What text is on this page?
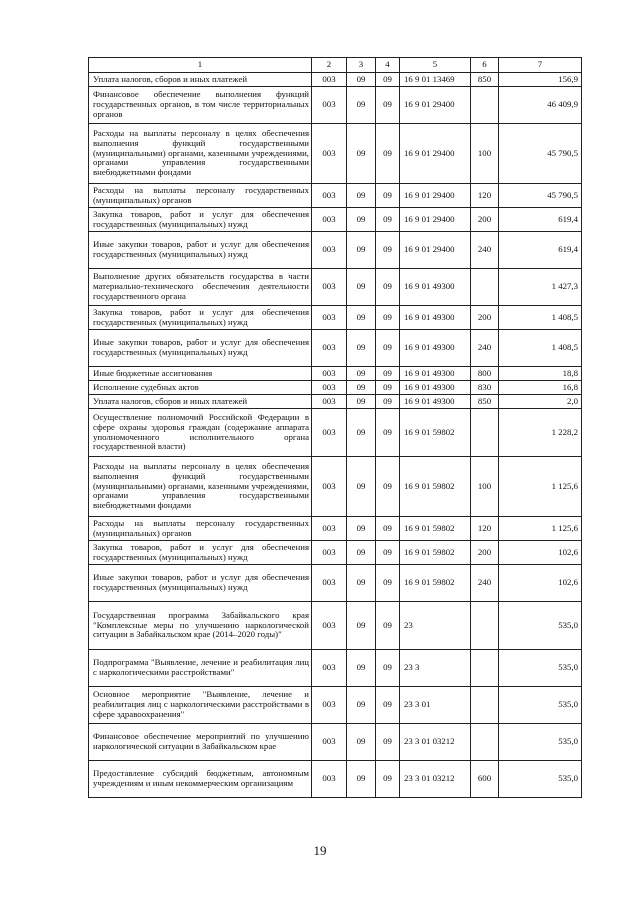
1	2	3	4	5	6	7
Уплата налогов, сборов и иных платежей	003	09	09	16 9 01 13469	850	156,9
Финансовое обеспечение выполнения функций государственных органов, в том числе территориальных органов	003	09	09	16 9 01 29400		46 409,9
Расходы на выплаты персоналу в целях обеспечения выполнения функций государственными (муниципальными) органами, казенными учреждениями, органами управления государственными внебюджетными фондами	003	09	09	16 9 01 29400	100	45 790,5
Расходы на выплаты персоналу государственных (муниципальных) органов	003	09	09	16 9 01 29400	120	45 790,5
Закупка товаров, работ и услуг для обеспечения государственных (муниципальных) нужд	003	09	09	16 9 01 29400	200	619,4
Иные закупки товаров, работ и услуг для обеспечения государственных (муниципальных) нужд	003	09	09	16 9 01 29400	240	619,4
Выполнение других обязательств государства в части материально-технического обеспечения деятельности государственного органа	003	09	09	16 9 01 49300		1 427,3
Закупка товаров, работ и услуг для обеспечения государственных (муниципальных) нужд	003	09	09	16 9 01 49300	200	1 408,5
Иные закупки товаров, работ и услуг для обеспечения государственных (муниципальных) нужд	003	09	09	16 9 01 49300	240	1 408,5
Иные бюджетные ассигнования	003	09	09	16 9 01 49300	800	18,8
Исполнение судебных актов	003	09	09	16 9 01 49300	830	16,8
Уплата налогов, сборов и иных платежей	003	09	09	16 9 01 49300	850	2,0
Осуществление полномочий Российской Федерации в сфере охраны здоровья граждан (содержание аппарата уполномоченного исполнительного органа государственной власти)	003	09	09	16 9 01 59802		1 228,2
Расходы на выплаты персоналу в целях обеспечения выполнения функций государственными (муниципальными) органами, казенными учреждениями, органами управления государственными внебюджетными фондами	003	09	09	16 9 01 59802	100	1 125,6
Расходы на выплаты персоналу государственных (муниципальных) органов	003	09	09	16 9 01 59802	120	1 125,6
Закупка товаров, работ и услуг для обеспечения государственных (муниципальных) нужд	003	09	09	16 9 01 59802	200	102,6
Иные закупки товаров, работ и услуг для обеспечения государственных (муниципальных) нужд	003	09	09	16 9 01 59802	240	102,6
Государственная программа Забайкальского края "Комплексные меры по улучшению наркологической ситуации в Забайкальском крае (2014–2020 годы)"	003	09	09	23		535,0
Подпрограмма "Выявление, лечение и реабилитация лиц с наркологическими расстройствами"	003	09	09	23 3		535,0
Основное мероприятие "Выявление, лечение и реабилитация лиц с наркологическими расстройствами в сфере здравоохранения"	003	09	09	23 3 01		535,0
Финансовое обеспечение мероприятий по улучшению наркологической ситуации в Забайкальском крае	003	09	09	23 3 01 03212		535,0
Предоставление субсидий бюджетным, автономным учреждениям и иным некоммерческим организациям	003	09	09	23 3 01 03212	600	535,0
19
